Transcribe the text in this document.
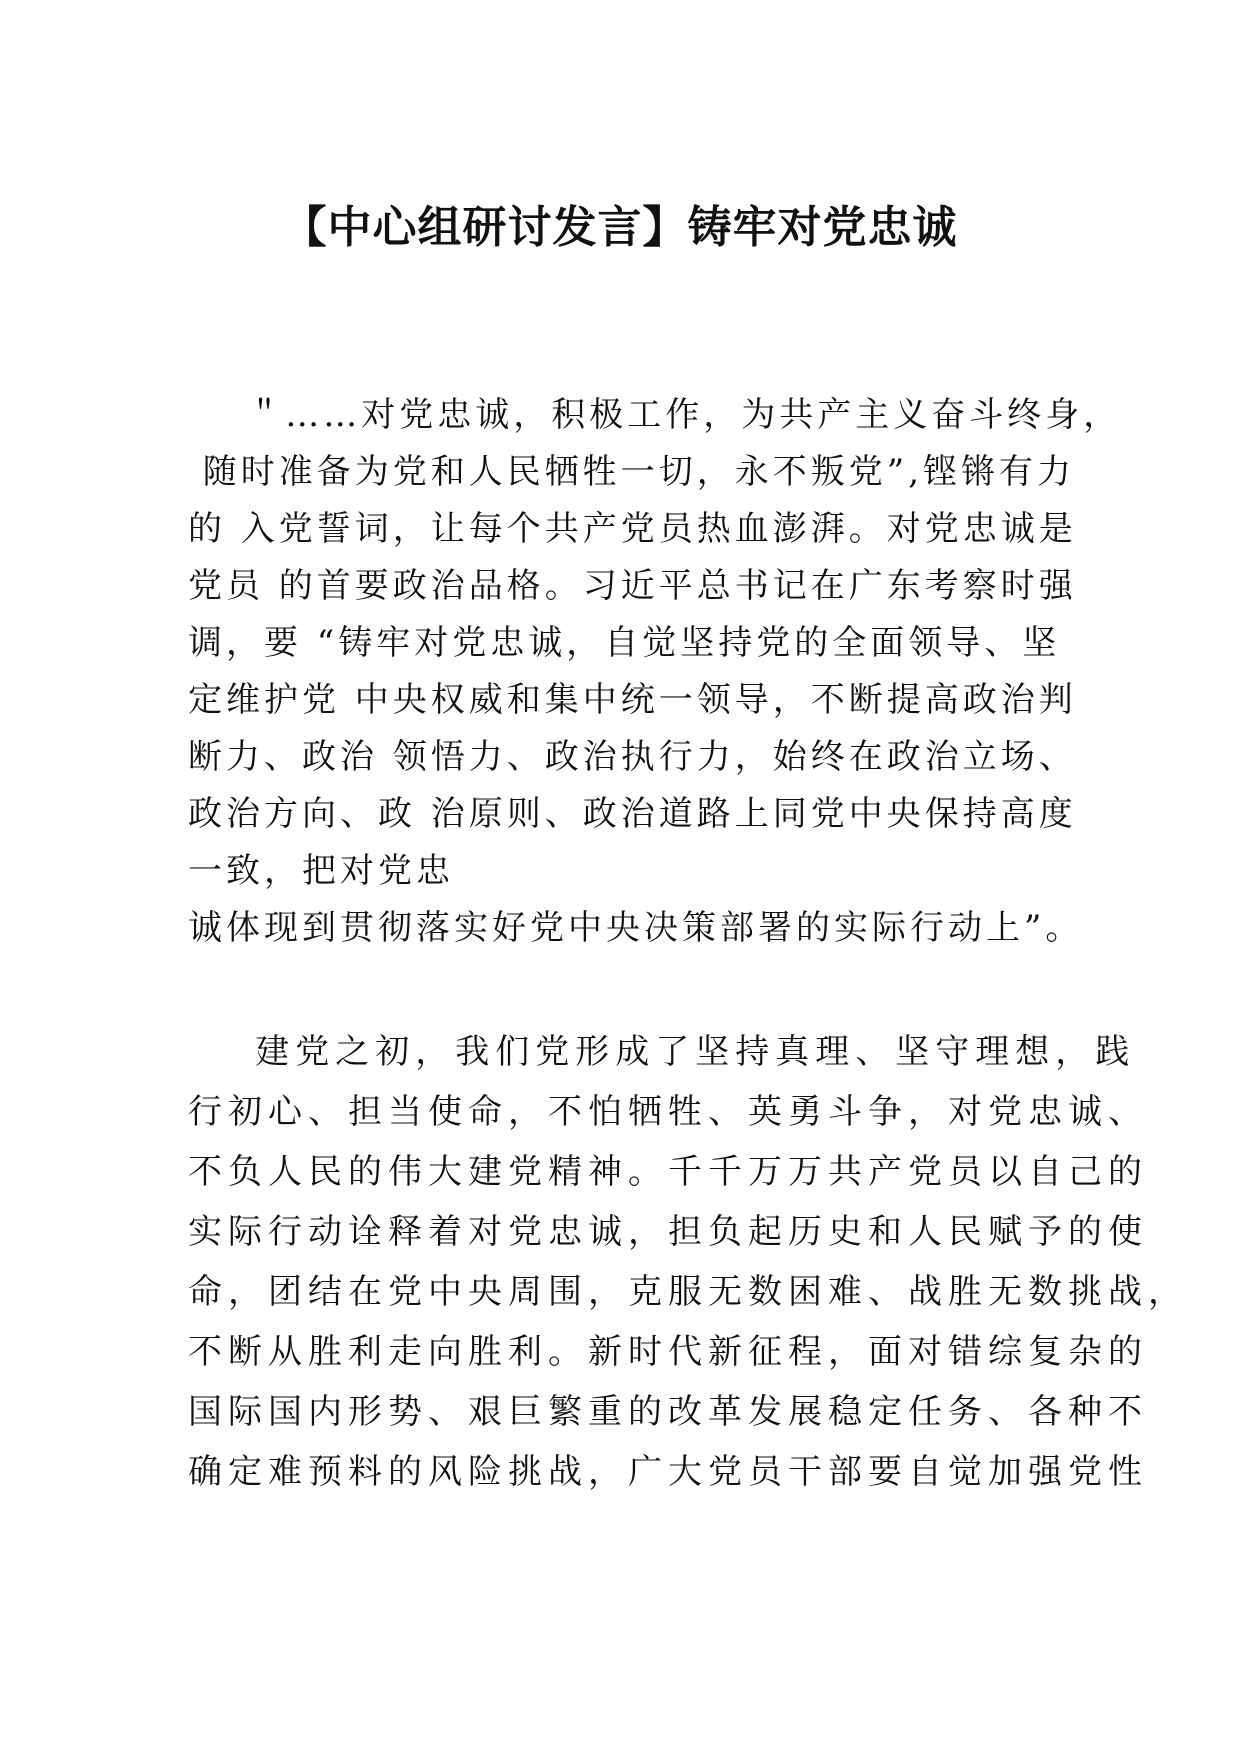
【中心组研讨发言】铸牢对党忠诚
＂……对党忠诚，积极工作，为共产主义奋斗终身，
随时准备为党和人民牺牲一切，永不叛党”,铿锵有力
的 入党誓词，让每个共产党员热血澎湃。对党忠诚是
党员 的首要政治品格。习近平总书记在广东考察时强
调，要 “铸牢对党忠诚，自觉坚持党的全面领导、坚
定维护党 中央权威和集中统一领导，不断提高政治判
断力、政治 领悟力、政治执行力，始终在政治立场、
政治方向、政 治原则、政治道路上同党中央保持高度
一致，把对党忠
诚体现到贯彻落实好党中央决策部署的实际行动上”。
建党之初，我们党形成了坚持真理、坚守理想，践
行初心、担当使命，不怕牺牲、英勇斗争，对党忠诚、
不负人民的伟大建党精神。千千万万共产党员以自己的
实际行动诠释着对党忠诚，担负起历史和人民赋予的使
命，团结在党中央周围，克服无数困难、战胜无数挑战，
不断从胜利走向胜利。新时代新征程，面对错综复杂的
国际国内形势、艰巨繁重的改革发展稳定任务、各种不
确定难预料的风险挑战，广大党员干部要自觉加强党性
